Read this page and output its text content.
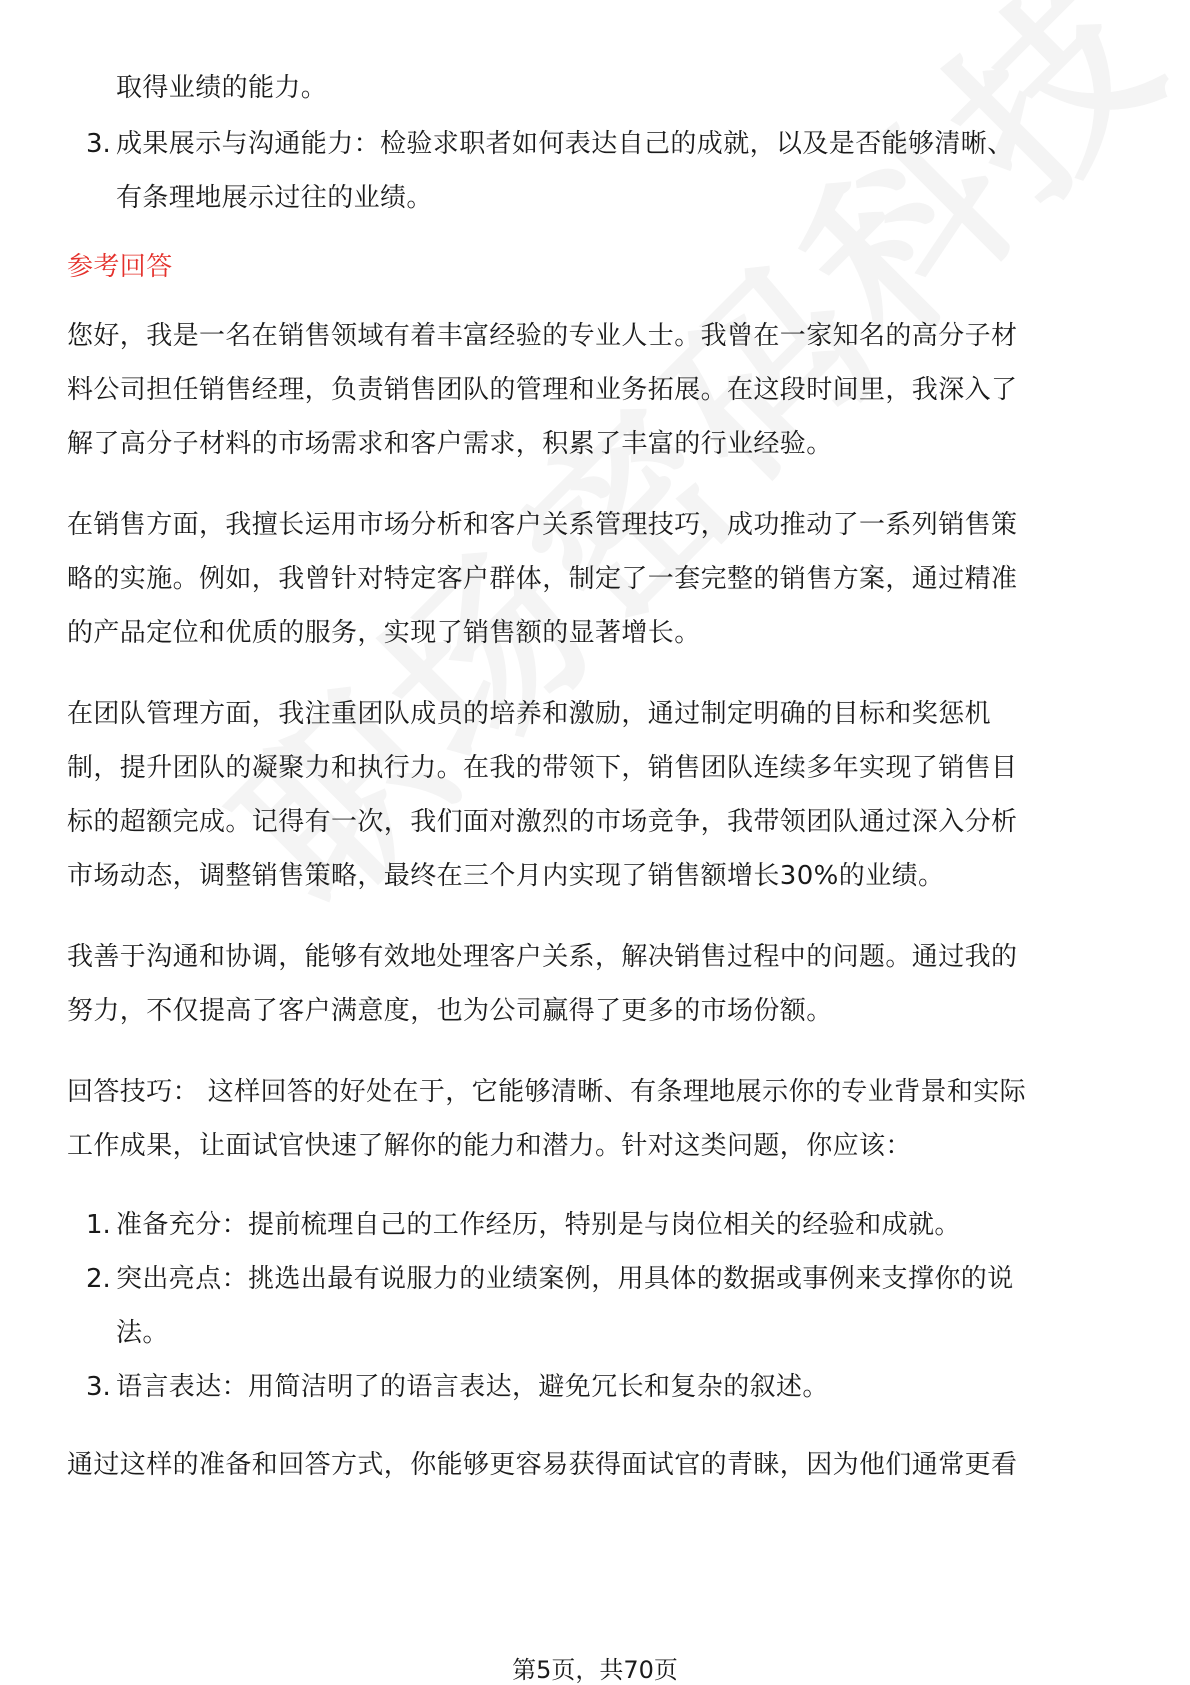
取得业绩的能力。
3. 成果展示与沟通能力：检验求职者如何表达自己的成就，以及是否能够清晰、
有条理地展示过往的业绩。
参考回答
您好，我是一名在销售领域有着丰富经验的专业人士。我曾在一家知名的高分子材
料公司担任销售经理，负责销售团队的管理和业务拓展。在这段时间里，我深入了
解了高分子材料的市场需求和客户需求，积累了丰富的行业经验。
在销售方面，我擅长运用市场分析和客户关系管理技巧，成功推动了一系列销售策
略的实施。例如，我曾针对特定客户群体，制定了一套完整的销售方案，通过精准
的产品定位和优质的服务，实现了销售额的显著增长。
在团队管理方面，我注重团队成员的培养和激励，通过制定明确的目标和奖惩机
制，提升团队的凝聚力和执行力。在我的带领下，销售团队连续多年实现了销售目
标的超额完成。记得有一次，我们面对激烈的市场竞争，我带领团队通过深入分析
市场动态，调整销售策略，最终在三个月内实现了销售额增长30%的业绩。
我善于沟通和协调，能够有效地处理客户关系，解决销售过程中的问题。通过我的
努力，不仅提高了客户满意度，也为公司赢得了更多的市场份额。
回答技巧： 这样回答的好处在于，它能够清晰、有条理地展示你的专业背景和实际
工作成果，让面试官快速了解你的能力和潜力。针对这类问题，你应该：
1. 准备充分：提前梳理自己的工作经历，特别是与岗位相关的经验和成就。
2. 突出亮点：挑选出最有说服力的业绩案例，用具体的数据或事例来支撑你的说
法。
3. 语言表达：用简洁明了的语言表达，避免冗长和复杂的叙述。
通过这样的准备和回答方式，你能够更容易获得面试官的青睐，因为他们通常更看
第5页，共70页
